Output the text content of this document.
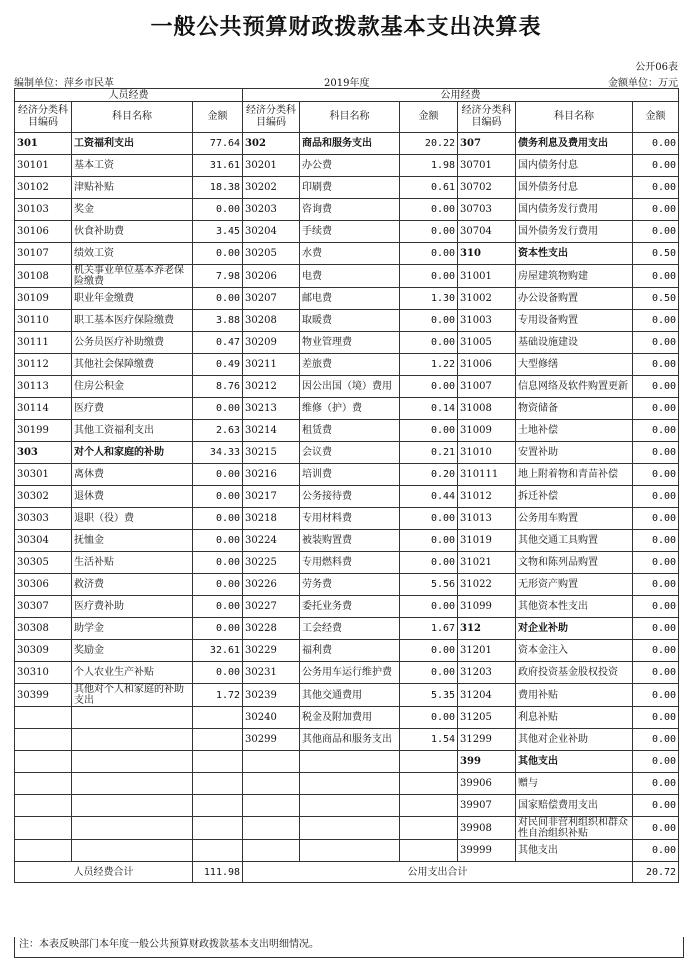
一般公共预算财政拨款基本支出决算表
公开06表
编制单位：萍乡市民革	2019年度	金额单位：万元
人员经费			公用经费					
经济分类科目编码	科目名称	金额	经济分类科目编码	科目名称	金额	经济分类科目编码	科目名称	金额
301	工资福利支出	77.64	302	商品和服务支出	20.22	307	债务利息及费用支出	0.00
30101	基本工资	31.61	30201	办公费	1.98	30701	国内债务付息	0.00
30102	津贴补贴	18.38	30202	印刷费	0.61	30702	国外债务付息	0.00
30103	奖金	0.00	30203	咨询费	0.00	30703	国内债务发行费用	0.00
30106	伙食补助费	3.45	30204	手续费	0.00	30704	国外债务发行费用	0.00
30107	绩效工资	0.00	30205	水费	0.00	310	资本性支出	0.50
30108	机关事业单位基本养老保险缴费	7.98	30206	电费	0.00	31001	房屋建筑物购建	0.00
30109	职业年金缴费	0.00	30207	邮电费	1.30	31002	办公设备购置	0.50
30110	职工基本医疗保险缴费	3.88	30208	取暖费	0.00	31003	专用设备购置	0.00
30111	公务员医疗补助缴费	0.47	30209	物业管理费	0.00	31005	基础设施建设	0.00
30112	其他社会保障缴费	0.49	30211	差旅费	1.22	31006	大型修缮	0.00
30113	住房公积金	8.76	30212	因公出国（境）费用	0.00	31007	信息网络及软件购置更新	0.00
30114	医疗费	0.00	30213	维修（护）费	0.14	31008	物资储备	0.00
30199	其他工资福利支出	2.63	30214	租赁费	0.00	31009	土地补偿	0.00
303	对个人和家庭的补助	34.33	30215	会议费	0.21	31010	安置补助	0.00
30301	离休费	0.00	30216	培训费	0.20	310111	地上附着物和青苗补偿	0.00
30302	退休费	0.00	30217	公务接待费	0.44	31012	拆迁补偿	0.00
30303	退职（役）费	0.00	30218	专用材料费	0.00	31013	公务用车购置	0.00
30304	抚恤金	0.00	30224	被装购置费	0.00	31019	其他交通工具购置	0.00
30305	生活补贴	0.00	30225	专用燃料费	0.00	31021	文物和陈列品购置	0.00
30306	救济费	0.00	30226	劳务费	5.56	31022	无形资产购置	0.00
30307	医疗费补助	0.00	30227	委托业务费	0.00	31099	其他资本性支出	0.00
30308	助学金	0.00	30228	工会经费	1.67	312	对企业补助	0.00
30309	奖励金	32.61	30229	福利费	0.00	31201	资本金注入	0.00
30310	个人农业生产补贴	0.00	30231	公务用车运行维护费	0.00	31203	政府投资基金股权投资	0.00
30399	其他对个人和家庭的补助支出	1.72	30239	其他交通费用	5.35	31204	费用补贴	0.00
			30240	税金及附加费用	0.00	31205	利息补贴	0.00
			30299	其他商品和服务支出	1.54	31299	其他对企业补助	0.00
						399	其他支出	0.00
						39906	赠与	0.00
						39907	国家赔偿费用支出	0.00
						39908	对民间非营利组织和群众性自治组织补贴	0.00
						39999	其他支出	0.00
人员经费合计		111.98	公用支出合计					20.72
注：本表反映部门本年度一般公共预算财政拨款基本支出明细情况。
